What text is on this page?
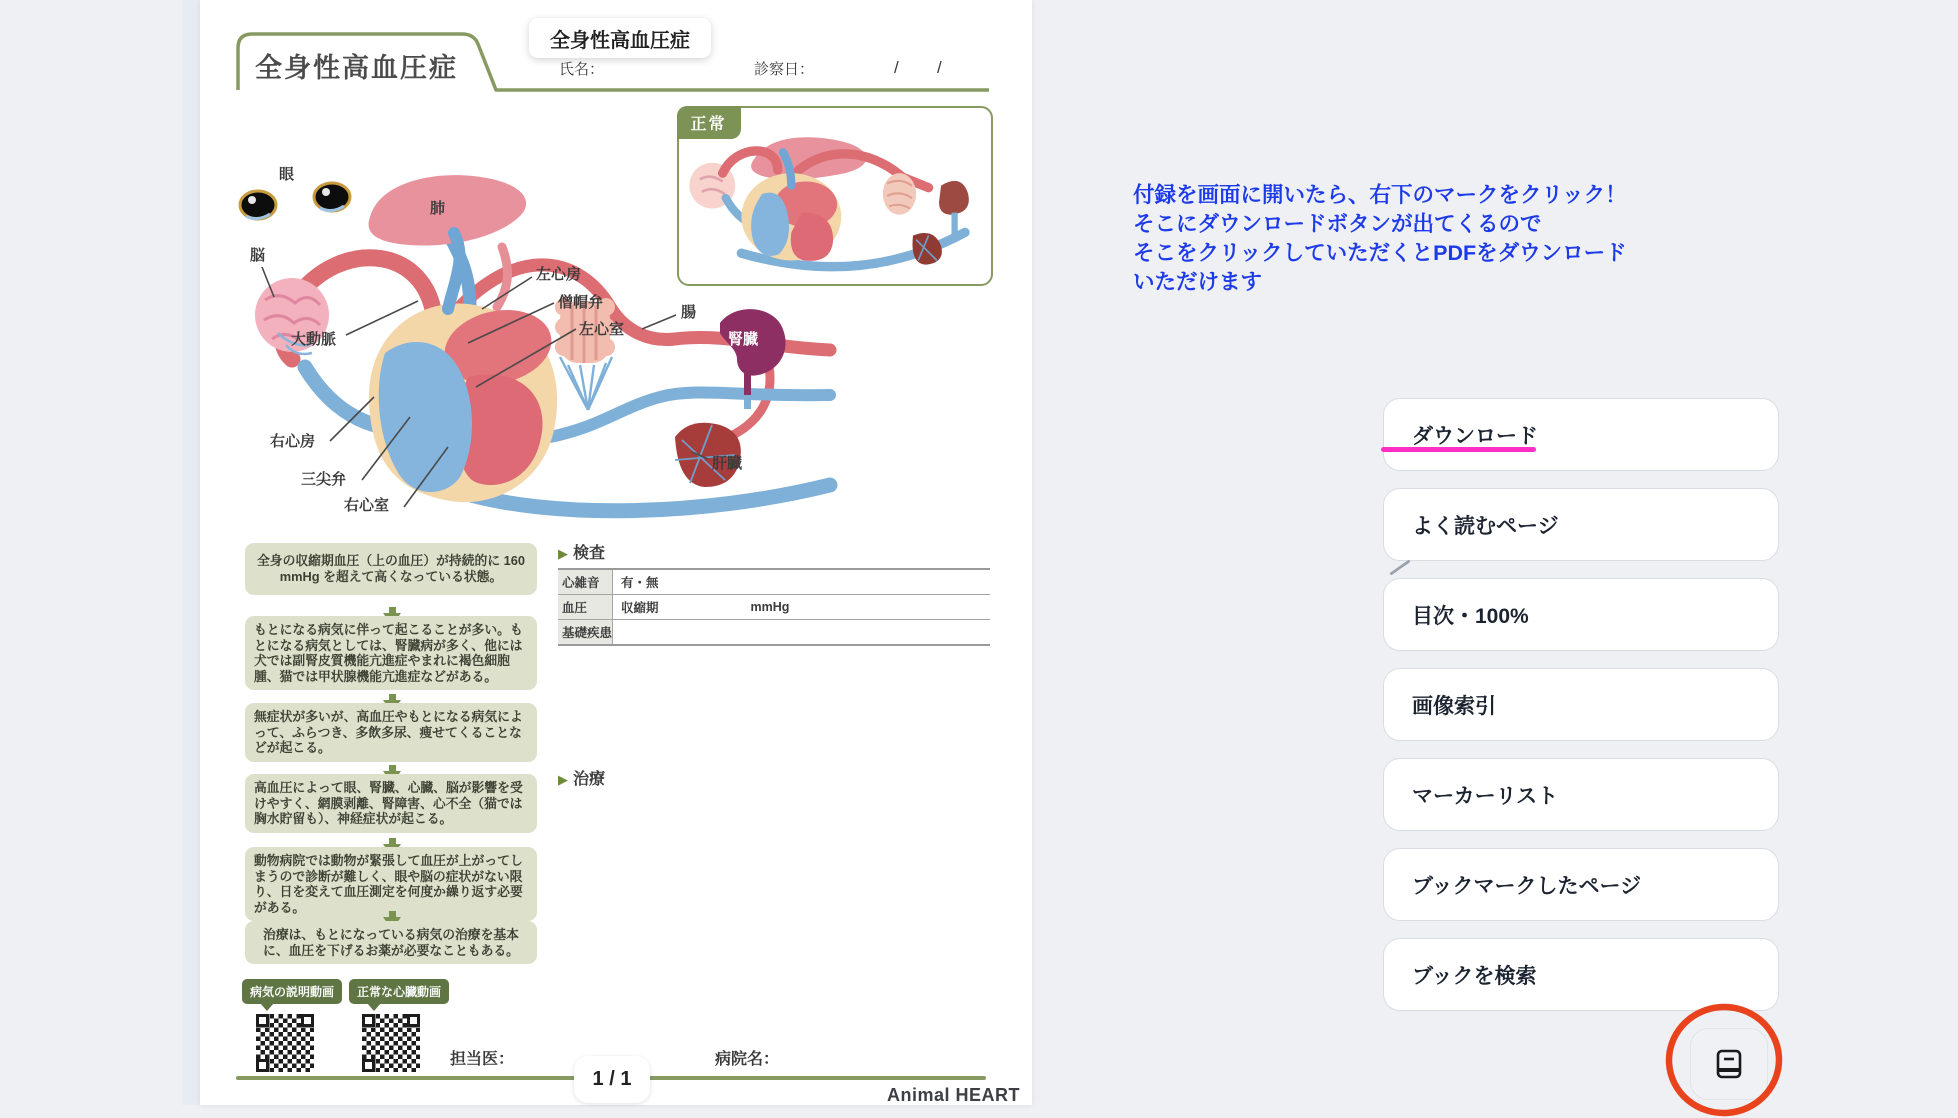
全身性高血圧症
全身性高血圧症
氏名：	診察日：	/ /
正常
眼
肺
脳
大動脈
左心房
僧帽弁
左心室
腸
腎臓
右心房
三尖弁
右心室
肝臓
全身の収縮期血圧（上の血圧）が持続的に 160 mmHg を超えて高くなっている状態。
もとになる病気に伴って起こることが多い。もとになる病気としては、腎臓病が多く、他には犬では副腎皮質機能亢進症やまれに褐色細胞腫、猫では甲状腺機能亢進症などがある。
無症状が多いが、高血圧やもとになる病気によって、ふらつき、多飲多尿、痩せてくることなどが起こる。
高血圧によって眼、腎臓、心臓、脳が影響を受けやすく、網膜剥離、腎障害、心不全（猫では胸水貯留も）、神経症状が起こる。
動物病院では動物が緊張して血圧が上がってしまうので診断が難しく、眼や脳の症状がない限り、日を変えて血圧測定を何度か繰り返す必要がある。
治療は、もとになっている病気の治療を基本に、血圧を下げるお薬が必要なこともある。
▶ 検査
心雑音	有・無
血圧	収縮期	mmHg
基礎疾患
▶ 治療
病気の説明動画	正常な心臓動画
担当医：
1 / 1
病院名：
Animal HEART
付録を画面に開いたら、右下のマークをクリック！
そこにダウンロードボタンが出てくるので
そこをクリックしていただくとPDFをダウンロード
いただけます
ダウンロード
よく読むページ
目次・100%
画像索引
マーカーリスト
ブックマークしたページ
ブックを検索
